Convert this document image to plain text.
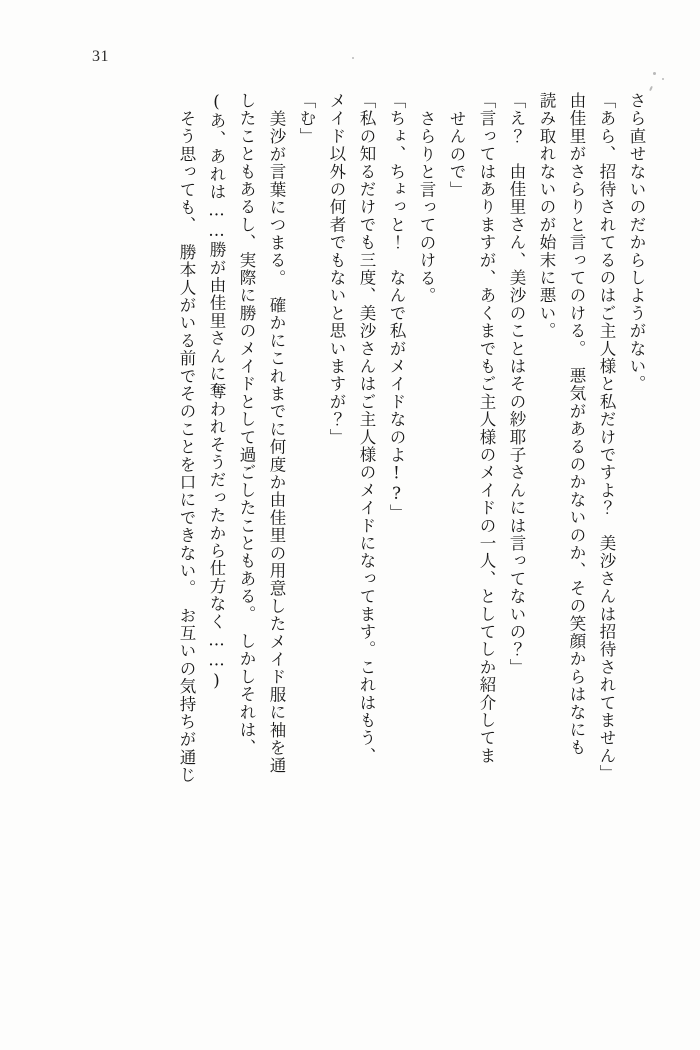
31
さら直せないのだからしようがない。
「あら、招待されてるのはご主人様と私だけですよ？　美沙さんは招待されてません」
由佳里がさらりと言ってのける。　悪気があるのかないのか、その笑顔からはなにも
読み取れないのが始末に悪い。
「え？　由佳里さん、美沙のことはその紗耶子さんには言ってないの？」
「言ってはありますが、あくまでもご主人様のメイドの一人、としてしか紹介してま
せんので」
さらりと言ってのける。
「ちょ、ちょっと！　なんで私がメイドなのよ!?」
「私の知るだけでも三度、美沙さんはご主人様のメイドになってます。これはもう、
メイド以外の何者でもないと思いますが？」
「む」
美沙が言葉につまる。　確かにこれまでに何度か由佳里の用意したメイド服に袖を通
したこともあるし、実際に勝のメイドとして過ごしたこともある。　しかしそれは、
(あ、あれは……勝が由佳里さんに奪われそうだったから仕方なく……)
そう思っても、　勝本人がいる前でそのことを口にできない。　お互いの気持ちが通じ
